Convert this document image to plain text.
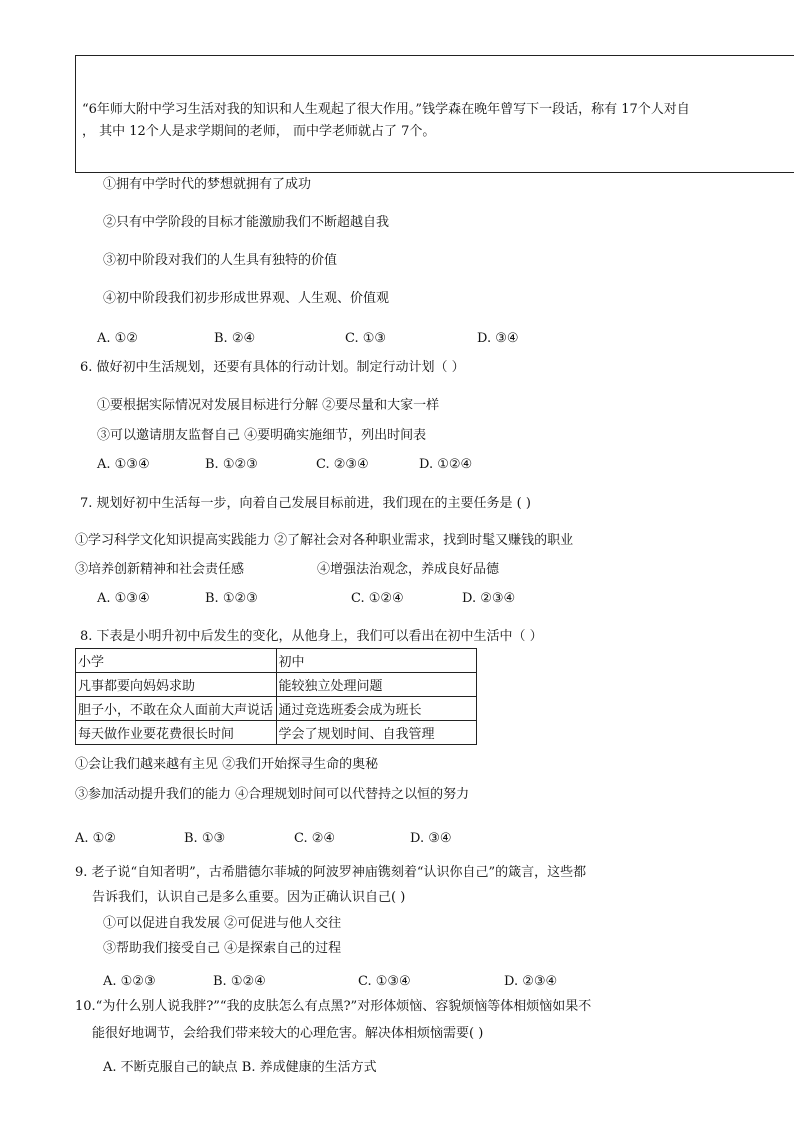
“6年师大附中学习生活对我的知识和人生观起了很大作用。”钱学森在晚年曾写下一段话，称有 17个人对自
， 其中 12个人是求学期间的老师， 而中学老师就占了 7个。
①拥有中学时代的梦想就拥有了成功
②只有中学阶段的目标才能激励我们不断超越自我
③初中阶段对我们的人生具有独特的价值
④初中阶段我们初步形成世界观、人生观、价值观
A. ①②	B. ②④	C. ①③	D. ③④
6. 做好初中生活规划，还要有具体的行动计划。制定行动计划（ ）
①要根据实际情况对发展目标进行分解 ②要尽量和大家一样
③可以邀请朋友监督自己 ④要明确实施细节，列出时间表
A. ①③④	B. ①②③	C. ②③④	D. ①②④
7. 规划好初中生活每一步，向着自己发展目标前进，我们现在的主要任务是 ( )
①学习科学文化知识提高实践能力 ②了解社会对各种职业需求，找到时髦又赚钱的职业
③培养创新精神和社会责任感	④增强法治观念，养成良好品德
A. ①③④	B. ①②③	C. ①②④	D. ②③④
8. 下表是小明升初中后发生的变化，从他身上，我们可以看出在初中生活中（ ）
小学	初中
凡事都要向妈妈求助	能较独立处理问题
胆子小，不敢在众人面前大声说话	通过竞选班委会成为班长
每天做作业要花费很长时间	学会了规划时间、自我管理
①会让我们越来越有主见 ②我们开始探寻生命的奥秘
③参加活动提升我们的能力 ④合理规划时间可以代替持之以恒的努力
A. ①②	B. ①③	C. ②④	D. ③④
9. 老子说“自知者明”，古希腊德尔菲城的阿波罗神庙镌刻着“认识你自己”的箴言，这些都
告诉我们，认识自己是多么重要。因为正确认识自己( )
①可以促进自我发展 ②可促进与他人交往
③帮助我们接受自己 ④是探索自己的过程
A. ①②③	B. ①②④	C. ①③④	D. ②③④
10.“为什么别人说我胖?”“我的皮肤怎么有点黑?”对形体烦恼、容貌烦恼等体相烦恼如果不
能很好地调节，会给我们带来较大的心理危害。解决体相烦恼需要( )
A. 不断克服自己的缺点 B. 养成健康的生活方式
